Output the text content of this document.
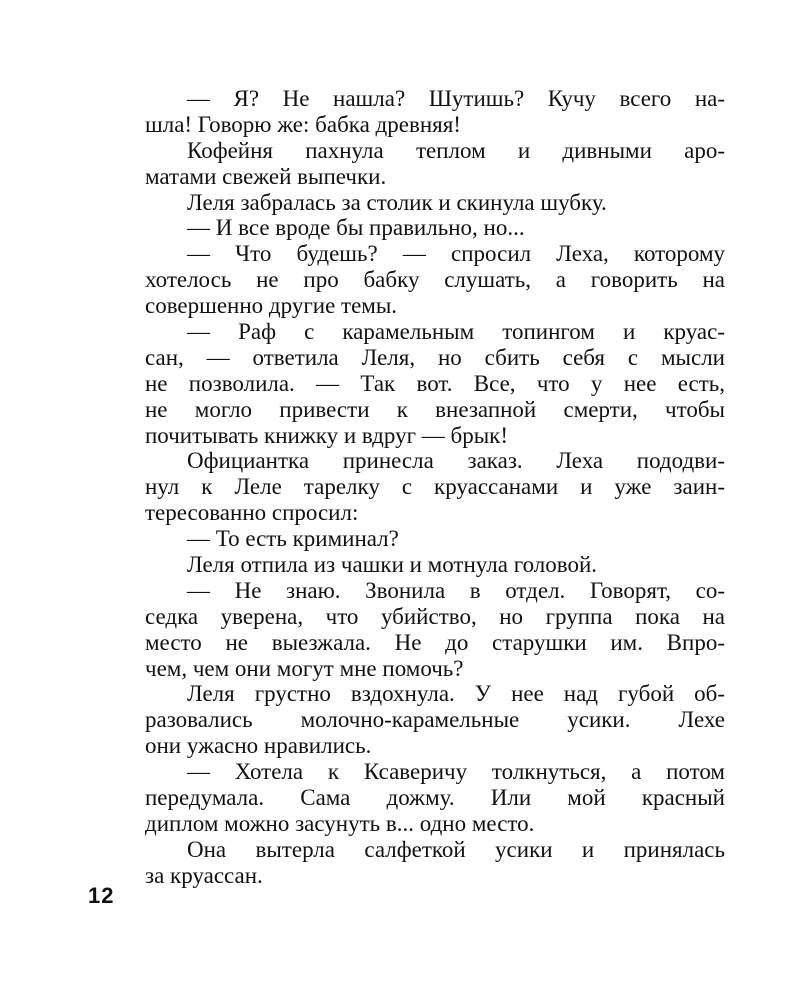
— Я? Не нашла? Шутишь? Кучу всего на-
шла! Говорю же: бабка древняя!
Кофейня пахнула теплом и дивными аро-
матами свежей выпечки.
Леля забралась за столик и скинула шубку.
— И все вроде бы правильно, но...
— Что будешь? — спросил Леха, которому
хотелось не про бабку слушать, а говорить на
совершенно другие темы.
— Раф с карамельным топингом и круас-
сан, — ответила Леля, но сбить себя с мысли
не позволила. — Так вот. Все, что у нее есть,
не могло привести к внезапной смерти, чтобы
почитывать книжку и вдруг — брык!
Официантка принесла заказ. Леха пододви-
нул к Леле тарелку с круассанами и уже заин-
тересованно спросил:
— То есть криминал?
Леля отпила из чашки и мотнула головой.
— Не знаю. Звонила в отдел. Говорят, со-
седка уверена, что убийство, но группа пока на
место не выезжала. Не до старушки им. Впро-
чем, чем они могут мне помочь?
Леля грустно вздохнула. У нее над губой об-
разовались молочно-карамельные усики. Лехе
они ужасно нравились.
— Хотела к Ксаверичу толкнуться, а потом
передумала. Сама дожму. Или мой красный
диплом можно засунуть в... одно место.
Она вытерла салфеткой усики и принялась
за круассан.
12
